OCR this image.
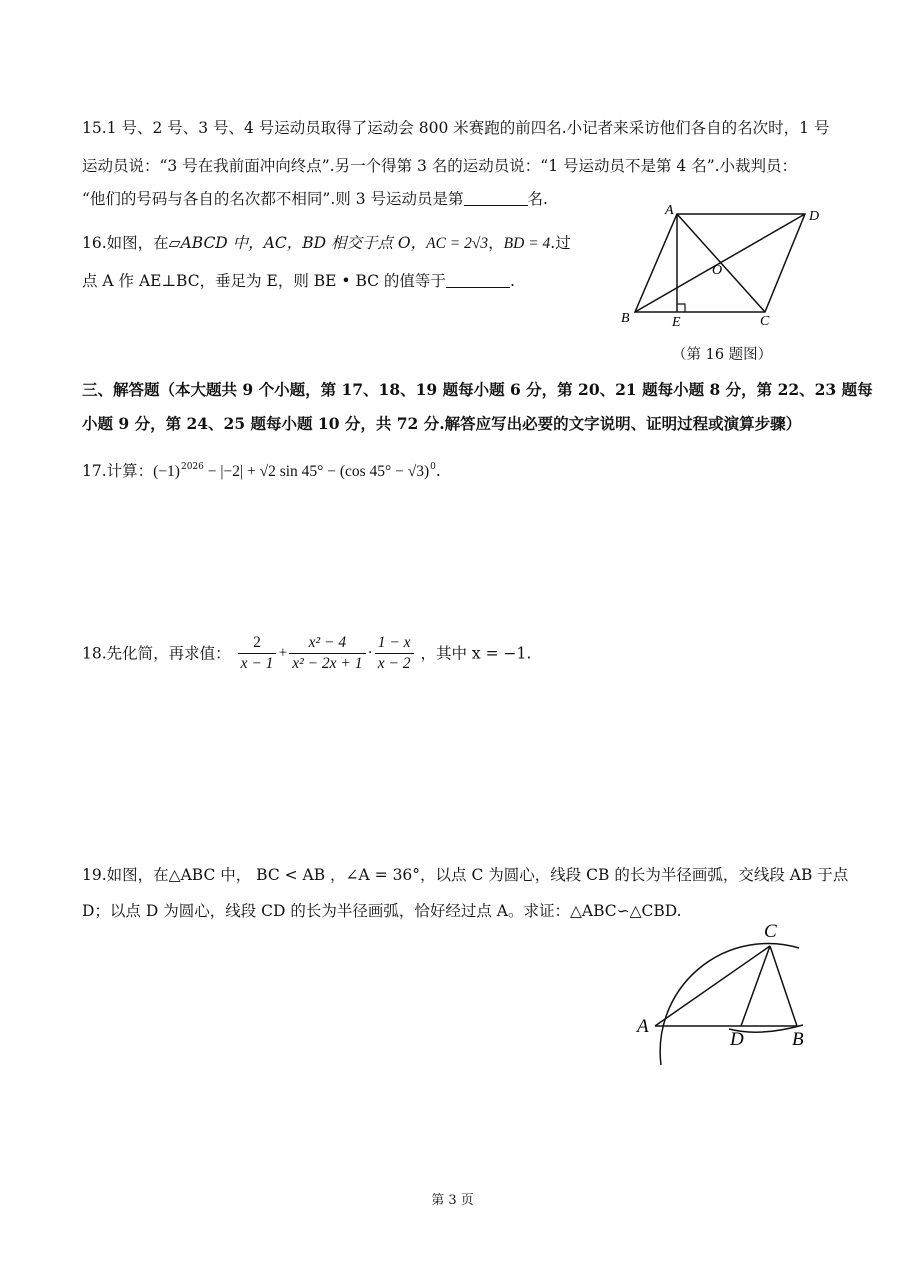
15.1 号、2 号、3 号、4 号运动员取得了运动会 800 米赛跑的前四名.小记者来采访他们各自的名次时，1 号
运动员说：“3 号在我前面冲向终点”.另一个得第 3 名的运动员说：“1 号运动员不是第 4 名”.小裁判员：
“他们的号码与各自的名次都不相同”.则 3 号运动员是第	名.
16.如图，在▱ABCD 中，AC，BD 相交于点 O，AC = 2√3，BD = 4.过
点 A 作 AE⊥BC，垂足为 E，则 BE • BC 的值等于	.
A	D
O
B	E	C
（第 16 题图）
三、解答题（本大题共 9 个小题，第 17、18、19 题每小题 6 分，第 20、21 题每小题 8 分，第 22、23 题每
小题 9 分，第 24、25 题每小题 10 分，共 72 分.解答应写出必要的文字说明、证明过程或演算步骤）
17.计算：$(-1)^{2026} - |-2| + √2$ sin 45° − (cos 45° − √3)$^0$.
18.先化简，再求值： $\frac{2}{x - 1} + \frac{\text{x² − 4}}{\text{x² − 2x + 1}} \cdot \frac{1 - x}{x - 2}$ ，其中 x = −1.
19.如图，在△ABC 中， BC < AB ，∠A = 36°，以点 C 为圆心，线段 CB 的长为半径画弧，交线段 AB 于点
D；以点 D 为圆心，线段 CD 的长为半径画弧，恰好经过点 A。求证：△ABC∽△CBD.
A
C
D	B
第 3 页
